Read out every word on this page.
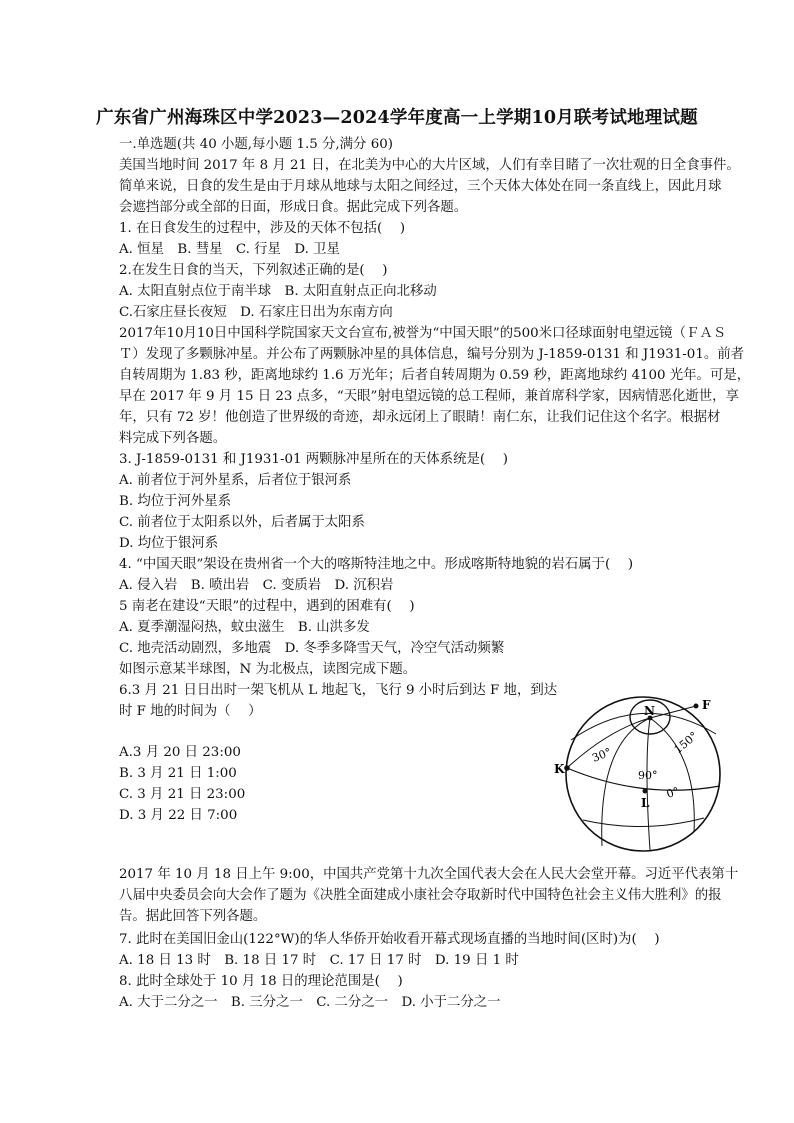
广东省广州海珠区中学2023—2024学年度高一上学期10月联考试地理试题
一.单选题(共 40 小题,每小题 1.5 分,满分 60)
美国当地时间 2017 年 8 月 21 日，在北美为中心的大片区域，人们有幸目睹了一次壮观的日全食事件。
简单来说，日食的发生是由于月球从地球与太阳之间经过，三个天体大体处在同一条直线上，因此月球
会遮挡部分或全部的日面，形成日食。据此完成下列各题。
1. 在日食发生的过程中，涉及的天体不包括(　 )
A. 恒星　B. 彗星　C. 行星　D. 卫星
2.在发生日食的当天，下列叙述正确的是(　 )
A. 太阳直射点位于南半球　B. 太阳直射点正向北移动
C.石家庄昼长夜短　D. 石家庄日出为东南方向
2017年10月10日中国科学院国家天文台宣布,被誉为“中国天眼”的500米口径球面射电望远镜（ＦＡＳ
Ｔ）发现了多颗脉冲星。并公布了两颗脉冲星的具体信息，编号分别为 J-1859-0131 和 J1931-01。前者
自转周期为 1.83 秒，距离地球约 1.6 万光年；后者自转周期为 0.59 秒，距离地球约 4100 光年。可是，
早在 2017 年 9 月 15 日 23 点多，“天眼”射电望远镜的总工程师，兼首席科学家，因病情恶化逝世，享
年，只有 72 岁！他创造了世界级的奇迹，却永远闭上了眼睛！南仁东，让我们记住这个名字。根据材
料完成下列各题。
3. J-1859-0131 和 J1931-01 两颗脉冲星所在的天体系统是(　 )
A. 前者位于河外星系，后者位于银河系
B. 均位于河外星系
C. 前者位于太阳系以外，后者属于太阳系
D. 均位于银河系
4. “中国天眼”架设在贵州省一个大的喀斯特洼地之中。形成喀斯特地貌的岩石属于(　 )
A. 侵入岩　B. 喷出岩　C. 变质岩　D. 沉积岩
5 南老在建设“天眼”的过程中，遇到的困难有(　 )
A. 夏季潮湿闷热，蚊虫滋生　B. 山洪多发
C. 地壳活动剧烈，多地震　D. 冬季多降雪天气，冷空气活动频繁
如图示意某半球图，N 为北极点，读图完成下题。
6.3 月 21 日日出时一架飞机从 L 地起飞，飞行 9 小时后到达 F 地，到达
时 F 地的时间为（　 ）
A.3 月 20 日 23:00
B. 3 月 21 日 1:00
C. 3 月 21 日 23:00
D. 3 月 22 日 7:00
N	F
K
L
30°	150°
90°
0°
2017 年 10 月 18 日上午 9:00，中国共产党第十九次全国代表大会在人民大会堂开幕。习近平代表第十
八届中央委员会向大会作了题为《决胜全面建成小康社会夺取新时代中国特色社会主义伟大胜利》的报
告。据此回答下列各题。
7. 此时在美国旧金山(122°W)的华人华侨开始收看开幕式现场直播的当地时间(区时)为(　 )
A. 18 日 13 时　B. 18 日 17 时　C. 17 日 17 时　D. 19 日 1 时
8. 此时全球处于 10 月 18 日的理论范围是(　 )
A. 大于二分之一　B. 三分之一　C. 二分之一　D. 小于二分之一
